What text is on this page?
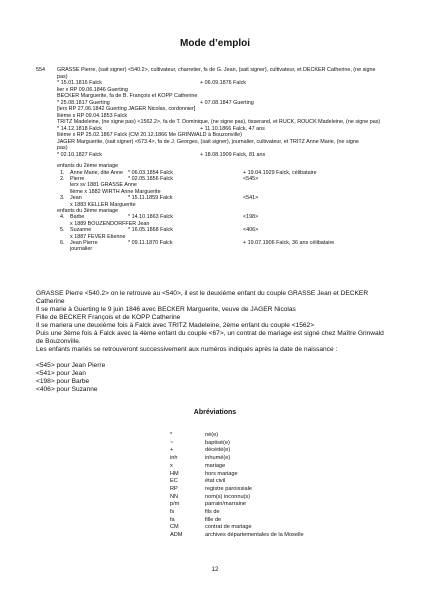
Mode d’emploi
554 GRASSE Pierre, (sait signer) <540.2>, cultivateur, charretier, fs de G. Jean, (sait signer), cultivateur, et DECKER Catherine, (ne signe
pas)
* 15.01.1816 Falck	+ 06.09.1876 Falck
lier x RP 09.06.1846 Guerting
BECKER Marguerite, fa de B. François et KOPP Catherine
* 25.08.1817 Guerting	+ 07.08.1847 Guerting
[lerx RP 27.06.1842 Guerting JAGER Nicolas, cordonnier]
llième x RP 09.04.1853 Falck
TRITZ Madeleine, (ne signe pas) <1562.2>, fa de T. Dominique, (ne signe pas), tisserand, et RUCK, ROUCK Madeleine, (ne signe pas)
* 14.12.1818 Falck	+ 11.10.1866 Falck, 47 ans
llième x RP 25.02.1867 Falck (CM 20.12.1866 Me GRINWALD à Bouzonville)
JAGER Marguerite, (sait signer) <673.4>, fa de J. Georges, (sait signer), journalier, cultivateur, et TRITZ Anne Marie, (ne signe
pas)
* 02.10.1827 Falck	+ 18.08.1909 Falck, 81 ans
enfants du 2ème mariage
1. Anne Marie, dite Anne * 06.03.1854 Falck	+ 19.04.1929 Falck, célibataire
2. Pierre	* 02.05.1856 Falck	<545>
lerx sv 1881 GRASSE Anne
llème x 1882 WIRTH Anne Marguerite
3. Jean	* 15.11.1859 Falck	<541>
x 1883 KELLER Marguerite
4. Barbe	* 14.10.1863 Falck	<198>
x 1889 BOUZENDORFFER Jean
5. Suzanne	* 16.05.1868 Falck	<406>
x 1887 FEVER Etienne
6. Jean Pierre	* 09.11.1870 Falck	+ 19.07.1906 Falck, 36 ans célibataire
journalier
enfants du 3ème mariage
GRASSE Pierre <540.2> on le retrouve au <540>, il est le deuxième enfant du couple GRASSE Jean et DECKER
Catherine
Il se marie à Guerting le 9 juin 1846 avec BECKER Marguerite, veuve de JAGER Nicolas
Fille de BECKER François et de KOPP Catherine
Il se mariera une deuxième fois à Falck avec TRITZ Madeleine, 2ème enfant du couple <1562>
Puis une 3ème fois à Falck avec la 4ème enfant du couple <67>, un contrat de mariage est signé chez Maître Grinwald
de Bouzonville.
Les enfants mariés se retrouveront successivement aux numéros indiqués après la date de naissance :
<545> pour Jean Pierre
<541> pour Jean
<198> pour Barbe
<406> pour Suzanne
Abréviations
*	né(e)
~	baptisé(e)
+	décédé(e)
inh	inhumé(e)
x	mariage
HM	hors mariage
EC	état civil
RP	registre paroissiale
NN	nom(s) inconnu(s)
p/m	parrain/marraine
fs	fils de
fa	fille de
CM	contrat de mariage
ADM	archives départementales de la Moselle
12
